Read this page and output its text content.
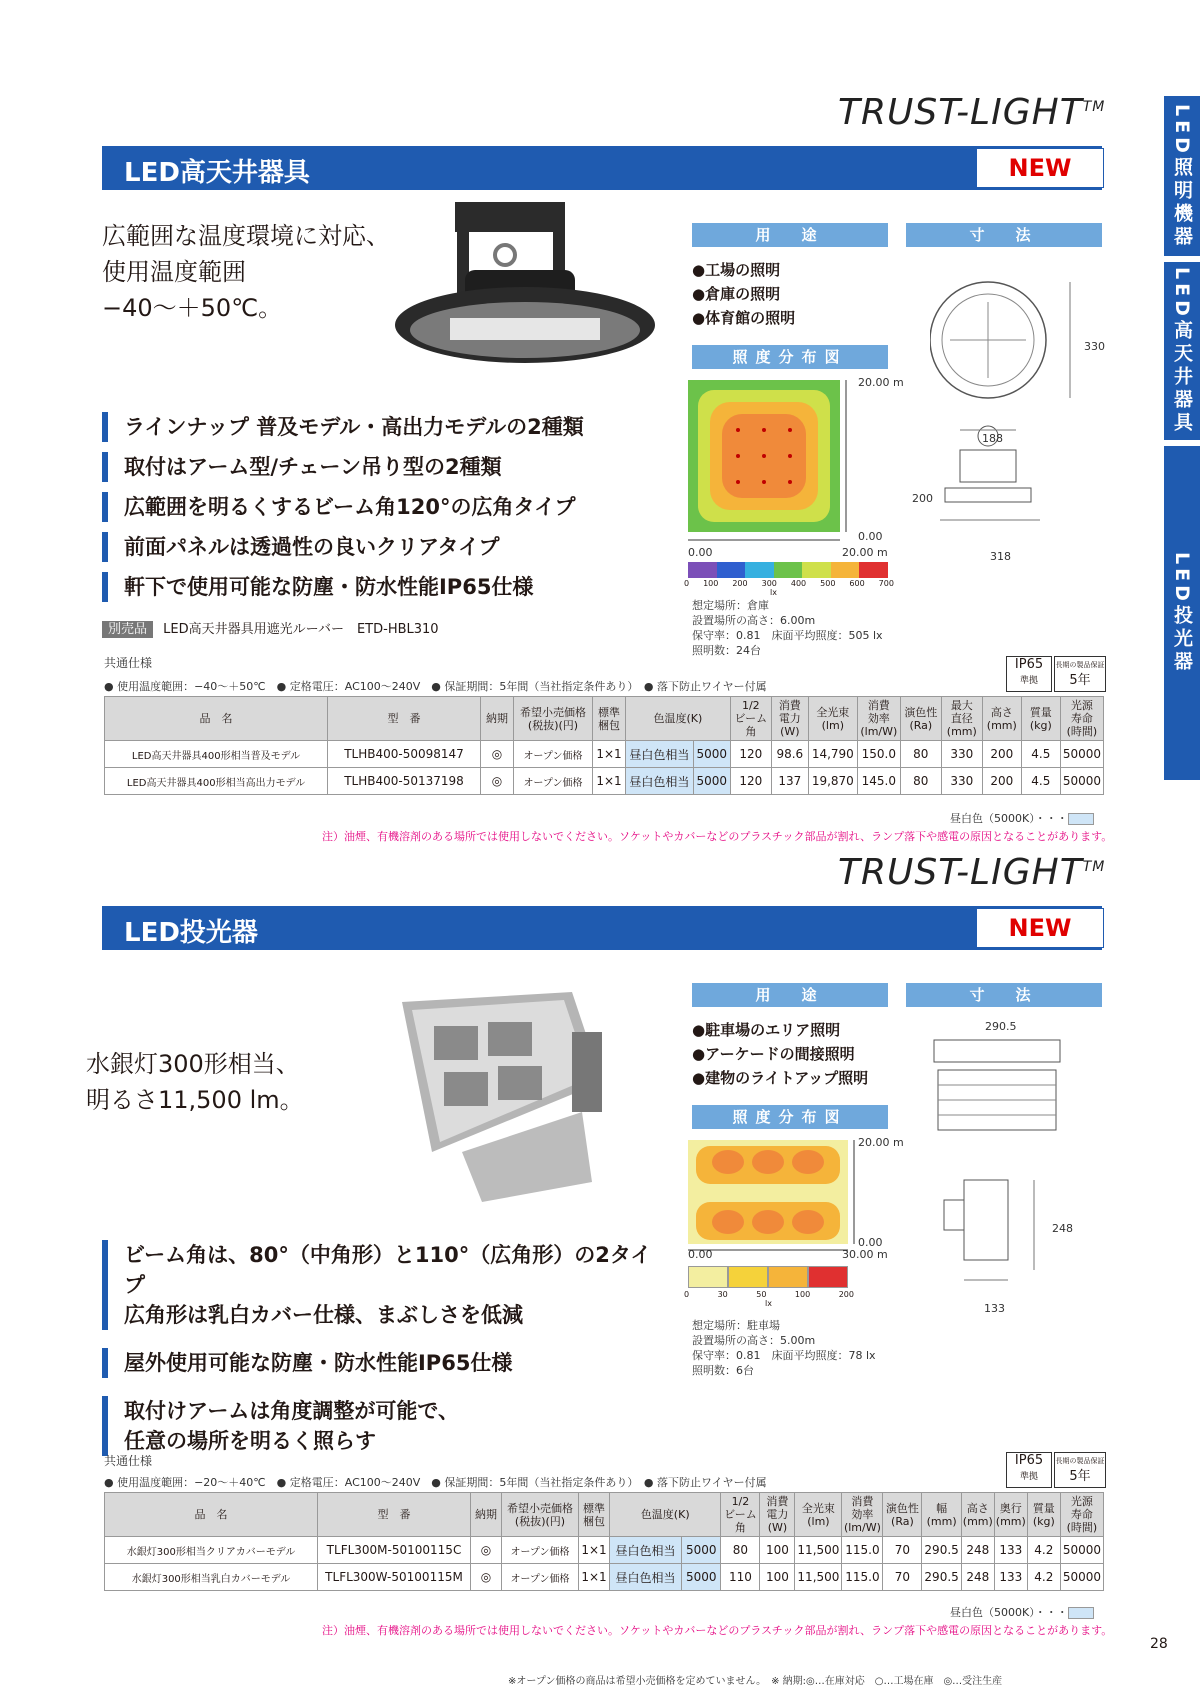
LED照明機器
LED高天井器具
LED投光器
TRUST-LIGHT™
LED高天井器具	NEW
広範囲な温度環境に対応、
使用温度範囲
−40〜＋50℃。
ラインナップ 普及モデル・高出力モデルの2種類
取付はアーム型/チェーン吊り型の2種類
広範囲を明るくするビーム角120°の広角タイプ
前面パネルは透過性の良いクリアタイプ
軒下で使用可能な防塵・防水性能IP65仕様
別売品 LED高天井器具用遮光ルーバー　ETD-HBL310
用　途	寸　法
●工場の照明
●倉庫の照明
●体育館の照明
照度分布図
20.00 m
0.00
0.00	20.00 m
0 100 200 300 400 500 600 700
lx
想定場所：倉庫
設置場所の高さ：6.00m
保守率：0.81　床面平均照度：505 lx
照明数：24台
330
188
200
318
共通仕様
● 使用温度範囲：−40〜＋50℃　● 定格電圧：AC100〜240V　● 保証期間：5年間（当社指定条件あり）　● 落下防止ワイヤー付属
IP65
準拠
長期の製品保証
5年
品　名	型　番	納期	希望小売価格
(税抜)(円)	標準
梱包	色温度(K)		1/2
ビーム角	消費
電力
(W)	全光束
(lm)	消費
効率
(lm/W)	演色性
(Ra)	最大
直径
(mm)	高さ
(mm)	質量
(kg)	光源
寿命
(時間)
LED高天井器具400形相当普及モデル	TLHB400-50098147	◎	オープン価格	1×1	昼白色相当	5000	120	98.6	14,790	150.0	80	330	200	4.5	50000
LED高天井器具400形相当高出力モデル	TLHB400-50137198	◎	オープン価格	1×1	昼白色相当	5000	120	137	19,870	145.0	80	330	200	4.5	50000
昼白色（5000K）・・・
注）油煙、有機溶剤のある場所では使用しないでください。ソケットやカバーなどのプラスチック部品が割れ、ランプ落下や感電の原因となることがあります。
TRUST-LIGHT™
LED投光器	NEW
水銀灯300形相当、
明るさ11,500 lm。
ビーム角は、80°（中角形）と110°（広角形）の2タイプ
広角形は乳白カバー仕様、まぶしさを低減
屋外使用可能な防塵・防水性能IP65仕様
取付けアームは角度調整が可能で、
任意の場所を明るく照らす
用　途	寸　法
●駐車場のエリア照明
●アーケードの間接照明
●建物のライトアップ照明
照度分布図
20.00 m
0.00
0.00	30.00 m
0	30	50	100	200
lx
想定場所：駐車場
設置場所の高さ：5.00m
保守率：0.81　床面平均照度：78 lx
照明数：6台
290.5
248
133
共通仕様
● 使用温度範囲：−20〜＋40℃　● 定格電圧：AC100〜240V　● 保証期間：5年間（当社指定条件あり）　● 落下防止ワイヤー付属
IP65
準拠
長期の製品保証
5年
品　名	型　番	納期	希望小売価格
(税抜)(円)	標準
梱包	色温度(K)		1/2
ビーム角	消費
電力
(W)	全光束
(lm)	消費
効率
(lm/W)	演色性
(Ra)	幅
(mm)	高さ
(mm)	奥行
(mm)	質量
(kg)	光源
寿命
(時間)
水銀灯300形相当クリアカバーモデル	TLFL300M-50100115C	◎	オープン価格	1×1	昼白色相当	5000	80	100	11,500	115.0	70	290.5	248	133	4.2	50000
水銀灯300形相当乳白カバーモデル	TLFL300W-50100115M	◎	オープン価格	1×1	昼白色相当	5000	110	100	11,500	115.0	70	290.5	248	133	4.2	50000
昼白色（5000K）・・・
注）油煙、有機溶剤のある場所では使用しないでください。ソケットやカバーなどのプラスチック部品が割れ、ランプ落下や感電の原因となることがあります。
※オープン価格の商品は希望小売価格を定めていません。　※ 納期:◎…在庫対応　○…工場在庫　◎…受注生産
28
